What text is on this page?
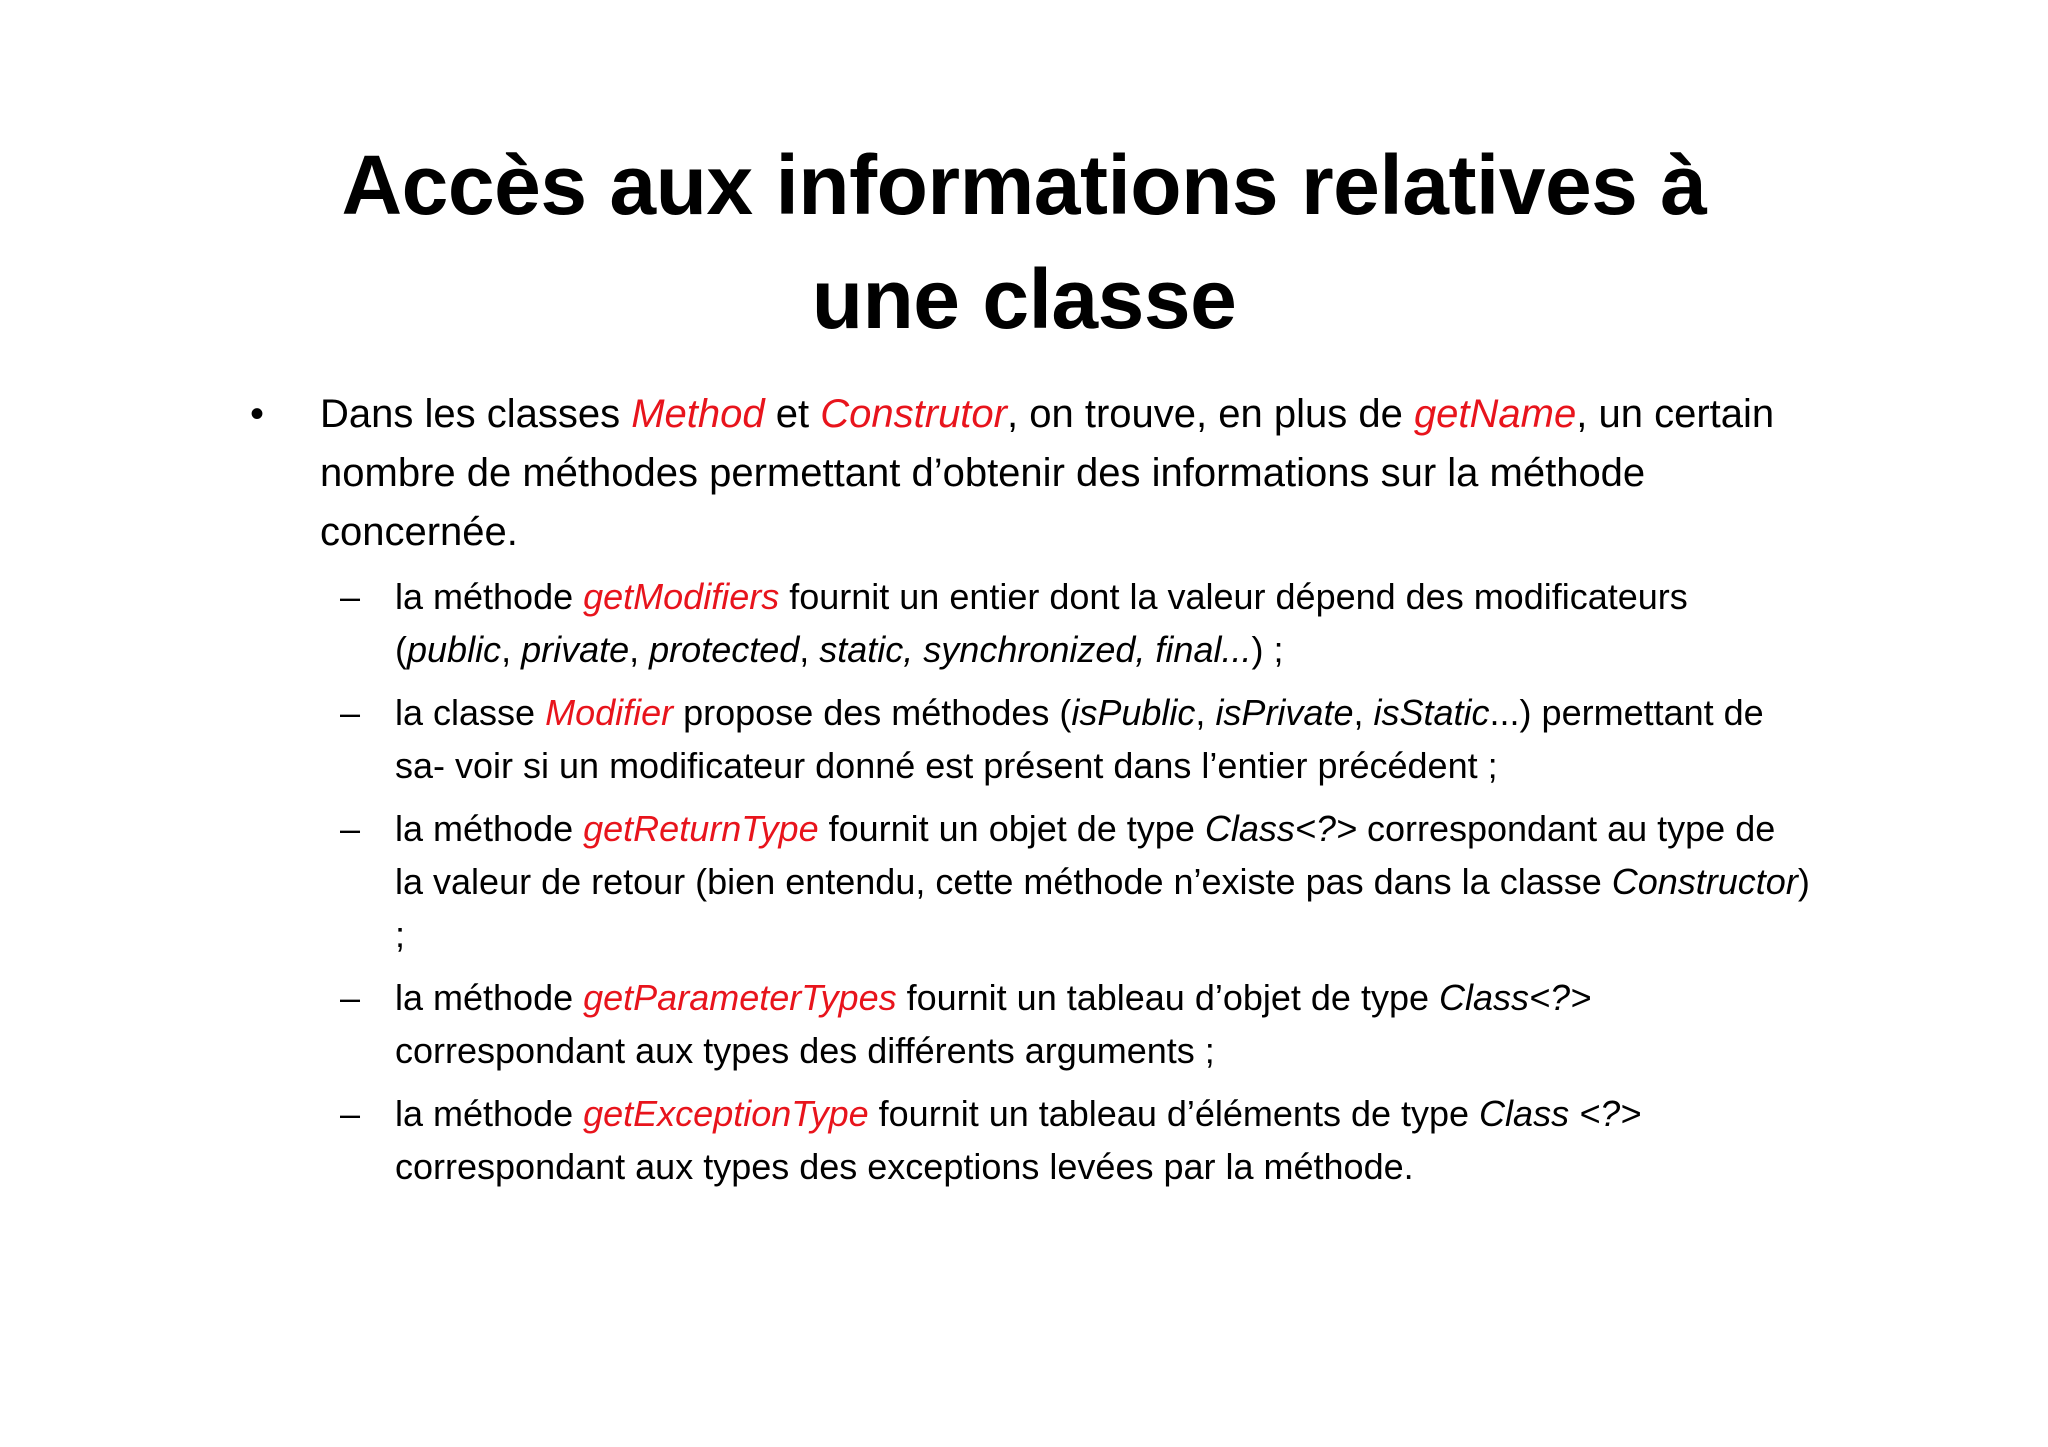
Accès aux informations relatives à
une classe
•	Dans les classes Method et Construtor, on trouve, en plus de getName, un certain nombre de méthodes permettant d’obtenir des informations sur la méthode concernée.
– la méthode getModifiers fournit un entier dont la valeur dépend des modificateurs (public, private, protected, static, synchronized, final...) ;
– la classe Modifier propose des méthodes (isPublic, isPrivate, isStatic...) permettant de sa- voir si un modificateur donné est présent dans l’entier précédent ;
– la méthode getReturnType fournit un objet de type Class<?> correspondant au type de la valeur de retour (bien entendu, cette méthode n’existe pas dans la classe Constructor) ;
– la méthode getParameterTypes fournit un tableau d’objet de type Class<?> correspondant aux types des différents arguments ;
– la méthode getExceptionType fournit un tableau d’éléments de type Class <?> correspondant aux types des exceptions levées par la méthode.
